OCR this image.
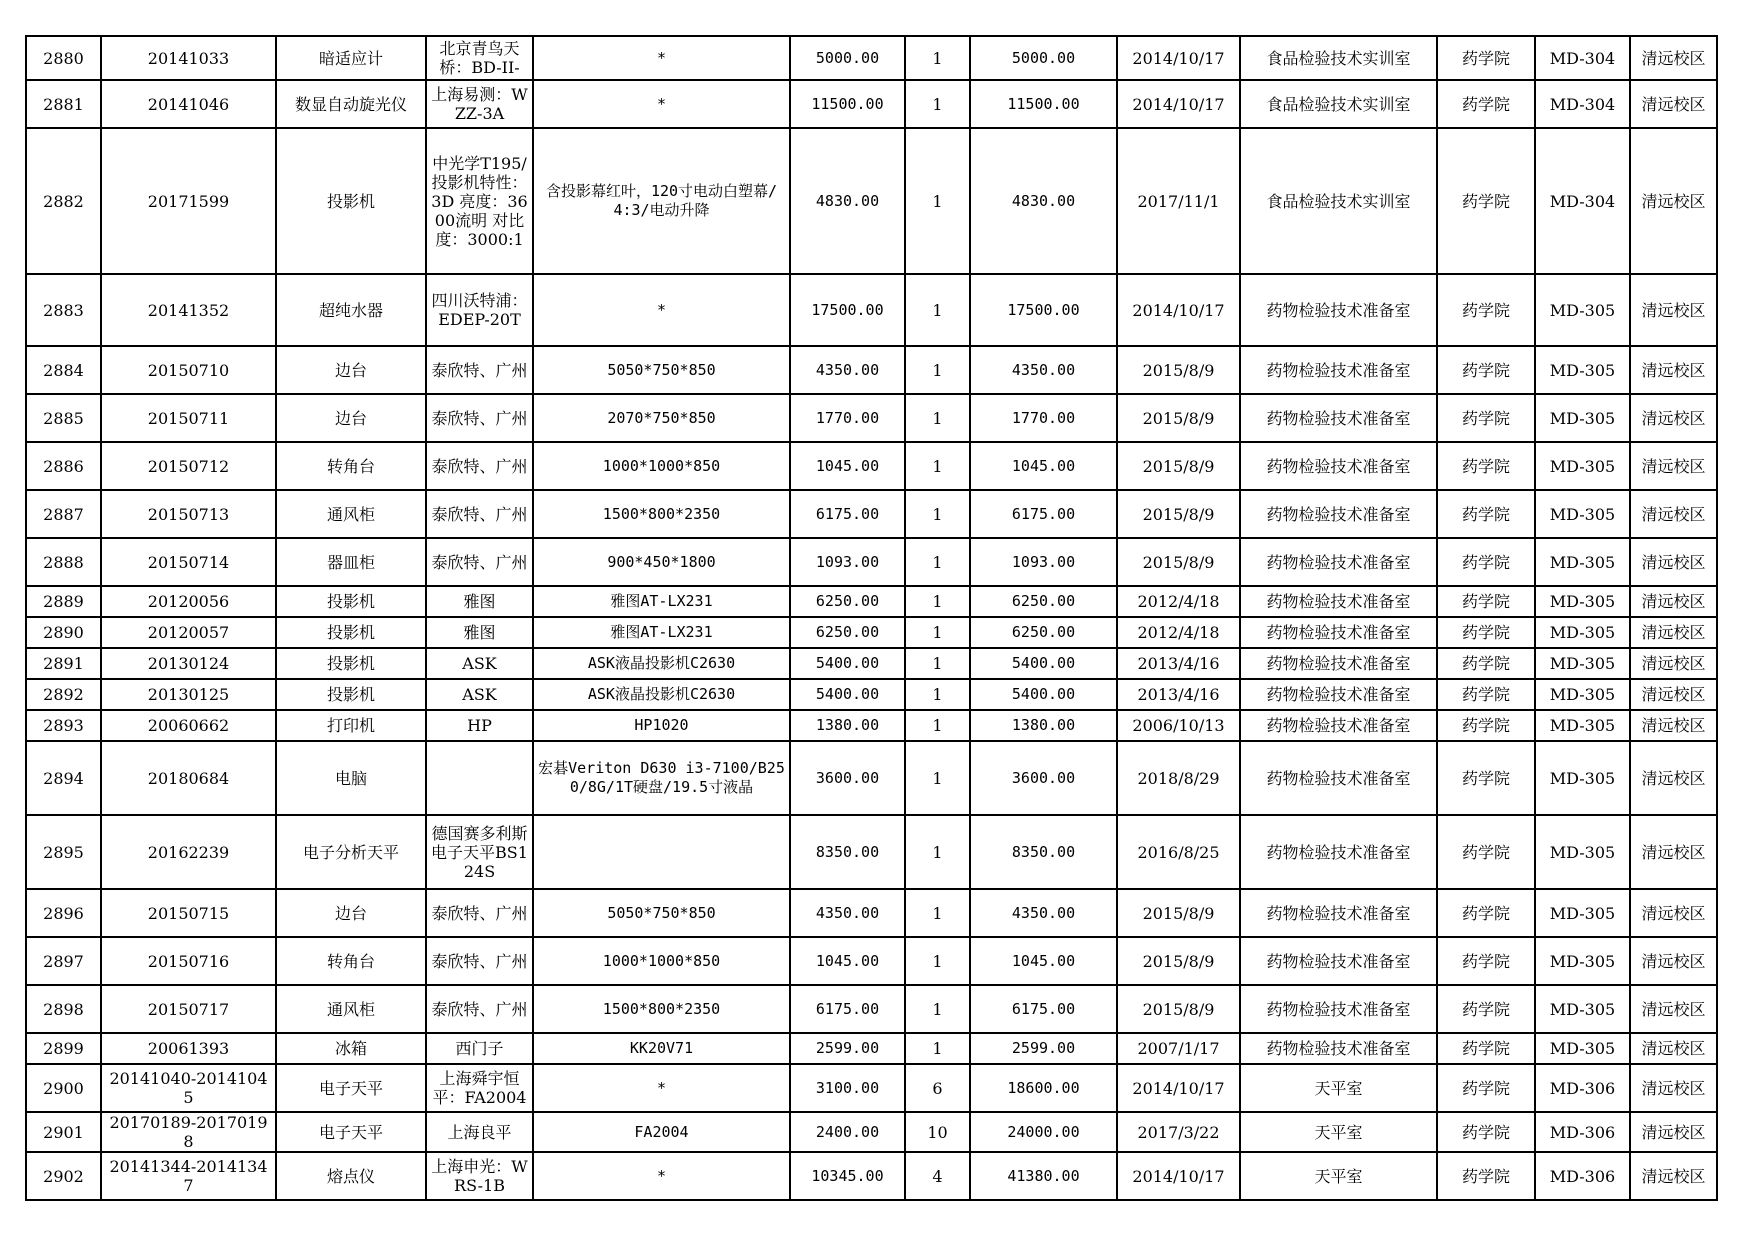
2880	20141033	暗适应计	北京青鸟天桥：BD-II-	*	5000.00	1	5000.00	2014/10/17	食品检验技术实训室	药学院	MD-304	清远校区
2881	20141046	数显自动旋光仪	上海易测：WZZ-3A	*	11500.00	1	11500.00	2014/10/17	食品检验技术实训室	药学院	MD-304	清远校区
2882	20171599	投影机	中光学T195/投影机特性：3D 亮度：3600流明 对比度：3000:1	含投影幕红叶，120寸电动白塑幕/4:3/电动升降	4830.00	1	4830.00	2017/11/1	食品检验技术实训室	药学院	MD-304	清远校区
2883	20141352	超纯水器	四川沃特浦：EDEP-20T	*	17500.00	1	17500.00	2014/10/17	药物检验技术准备室	药学院	MD-305	清远校区
2884	20150710	边台	泰欣特、广州	5050*750*850	4350.00	1	4350.00	2015/8/9	药物检验技术准备室	药学院	MD-305	清远校区
2885	20150711	边台	泰欣特、广州	2070*750*850	1770.00	1	1770.00	2015/8/9	药物检验技术准备室	药学院	MD-305	清远校区
2886	20150712	转角台	泰欣特、广州	1000*1000*850	1045.00	1	1045.00	2015/8/9	药物检验技术准备室	药学院	MD-305	清远校区
2887	20150713	通风柜	泰欣特、广州	1500*800*2350	6175.00	1	6175.00	2015/8/9	药物检验技术准备室	药学院	MD-305	清远校区
2888	20150714	器皿柜	泰欣特、广州	900*450*1800	1093.00	1	1093.00	2015/8/9	药物检验技术准备室	药学院	MD-305	清远校区
2889	20120056	投影机	雅图	雅图AT-LX231	6250.00	1	6250.00	2012/4/18	药物检验技术准备室	药学院	MD-305	清远校区
2890	20120057	投影机	雅图	雅图AT-LX231	6250.00	1	6250.00	2012/4/18	药物检验技术准备室	药学院	MD-305	清远校区
2891	20130124	投影机	ASK	ASK液晶投影机C2630	5400.00	1	5400.00	2013/4/16	药物检验技术准备室	药学院	MD-305	清远校区
2892	20130125	投影机	ASK	ASK液晶投影机C2630	5400.00	1	5400.00	2013/4/16	药物检验技术准备室	药学院	MD-305	清远校区
2893	20060662	打印机	HP	HP1020	1380.00	1	1380.00	2006/10/13	药物检验技术准备室	药学院	MD-305	清远校区
2894	20180684	电脑		宏碁Veriton D630 i3-7100/B250/8G/1T硬盘/19.5寸液晶	3600.00	1	3600.00	2018/8/29	药物检验技术准备室	药学院	MD-305	清远校区
2895	20162239	电子分析天平	德国赛多利斯电子天平BS124S		8350.00	1	8350.00	2016/8/25	药物检验技术准备室	药学院	MD-305	清远校区
2896	20150715	边台	泰欣特、广州	5050*750*850	4350.00	1	4350.00	2015/8/9	药物检验技术准备室	药学院	MD-305	清远校区
2897	20150716	转角台	泰欣特、广州	1000*1000*850	1045.00	1	1045.00	2015/8/9	药物检验技术准备室	药学院	MD-305	清远校区
2898	20150717	通风柜	泰欣特、广州	1500*800*2350	6175.00	1	6175.00	2015/8/9	药物检验技术准备室	药学院	MD-305	清远校区
2899	20061393	冰箱	西门子	KK20V71	2599.00	1	2599.00	2007/1/17	药物检验技术准备室	药学院	MD-305	清远校区
2900	20141040-20141045	电子天平	上海舜宇恒平：FA2004	*	3100.00	6	18600.00	2014/10/17	天平室	药学院	MD-306	清远校区
2901	20170189-20170198	电子天平	上海良平	FA2004	2400.00	10	24000.00	2017/3/22	天平室	药学院	MD-306	清远校区
2902	20141344-20141347	熔点仪	上海申光：WRS-1B	*	10345.00	4	41380.00	2014/10/17	天平室	药学院	MD-306	清远校区
